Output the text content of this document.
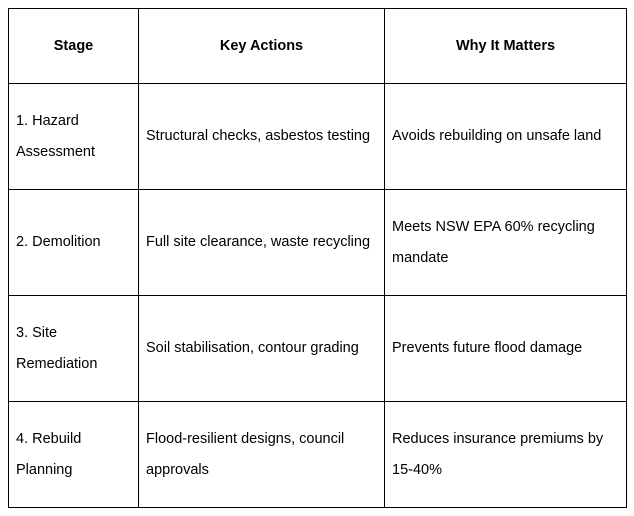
Stage	Key Actions	Why It Matters
1. Hazard Assessment	Structural checks, asbestos testing	Avoids rebuilding on unsafe land
2. Demolition	Full site clearance, waste recycling	Meets NSW EPA 60% recycling mandate
3. Site Remediation	Soil stabilisation, contour grading	Prevents future flood damage
4. Rebuild Planning	Flood-resilient designs, council approvals	Reduces insurance premiums by 15-40%
